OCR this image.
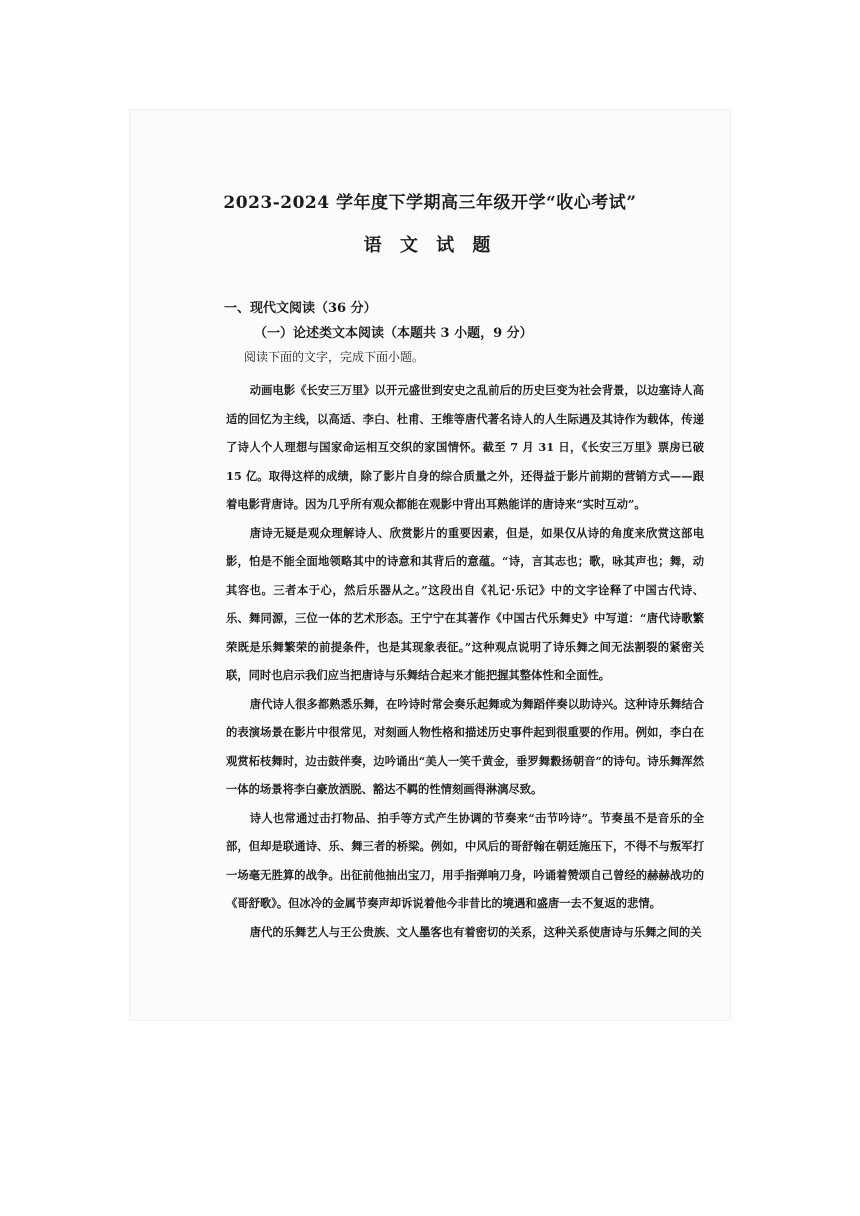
2023-2024 学年度下学期高三年级开学“收心考试”
语 文 试 题
一、现代文阅读（36 分）
（一）论述类文本阅读（本题共 3 小题，9 分）
阅读下面的文字，完成下面小题。

动画电影《长安三万里》以开元盛世到安史之乱前后的历史巨变为社会背景，以边塞诗人高适的回忆为主线，以高适、李白、杜甫、王维等唐代著名诗人的人生际遇及其诗作为载体，传递了诗人个人理想与国家命运相互交织的家国情怀。截至 7 月 31 日，《长安三万里》票房已破 15 亿。取得这样的成绩，除了影片自身的综合质量之外，还得益于影片前期的营销方式——跟着电影背唐诗。因为几乎所有观众都能在观影中背出耳熟能详的唐诗来“实时互动”。

唐诗无疑是观众理解诗人、欣赏影片的重要因素，但是，如果仅从诗的角度来欣赏这部电影，怕是不能全面地领略其中的诗意和其背后的意蕴。“诗，言其志也；歌，咏其声也；舞，动其容也。三者本于心，然后乐器从之。”这段出自《礼记·乐记》中的文字诠释了中国古代诗、乐、舞同源，三位一体的艺术形态。王宁宁在其著作《中国古代乐舞史》中写道：“唐代诗歌繁荣既是乐舞繁荣的前提条件，也是其现象表征。”这种观点说明了诗乐舞之间无法割裂的紧密关联，同时也启示我们应当把唐诗与乐舞结合起来才能把握其整体性和全面性。

唐代诗人很多都熟悉乐舞，在吟诗时常会奏乐起舞或为舞蹈伴奏以助诗兴。这种诗乐舞结合的表演场景在影片中很常见，对刻画人物性格和描述历史事件起到很重要的作用。例如，李白在观赏柘枝舞时，边击鼓伴奏，边吟诵出“美人一笑千黄金，垂罗舞縠扬朝音”的诗句。诗乐舞浑然一体的场景将李白豪放洒脱、豁达不羁的性情刻画得淋漓尽致。

诗人也常通过击打物品、拍手等方式产生协调的节奏来“击节吟诗”。节奏虽不是音乐的全部，但却是联通诗、乐、舞三者的桥梁。例如，中风后的哥舒翰在朝廷施压下，不得不与叛军打一场毫无胜算的战争。出征前他抽出宝刀，用手指弹响刀身，吟诵着赞颂自己曾经的赫赫战功的《哥舒歌》。但冰冷的金属节奏声却诉说着他今非昔比的境遇和盛唐一去不复返的悲情。

唐代的乐舞艺人与王公贵族、文人墨客也有着密切的关系，这种关系使唐诗与乐舞之间的关
